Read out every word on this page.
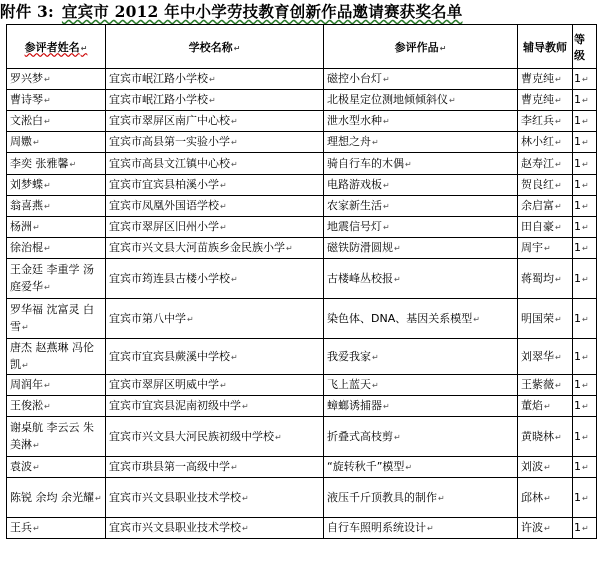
附件 3: 宜宾市 2012 年中小学劳技教育创新作品邀请赛获奖名单
参评者姓名 ↵	学校名称 ↵	参评作品 ↵	辅导教师	等级
罗兴梦 ↵	宜宾市岷江路小学校 ↵	磁控小台灯 ↵	曹克纯 ↵	1 ↵
曹诗琴 ↵	宜宾市岷江路小学校 ↵	北极星定位测地倾倾斜仪 ↵	曹克纯 ↵	1 ↵
文淞白 ↵	宜宾市翠屏区南广中心校 ↵	泄水型水种 ↵	李红兵 ↵	1 ↵
周嫐 ↵	宜宾市高县第一实验小学 ↵	理想之舟 ↵	林小红 ↵	1 ↵
李奕 张雅馨 ↵	宜宾市高县文江镇中心校 ↵	骑自行车的木偶 ↵	赵寿江 ↵	1 ↵
刘梦蝶 ↵	宜宾市宜宾县柏溪小学 ↵	电路游戏板 ↵	贺良红 ↵	1 ↵
翁喜燕 ↵	宜宾市凤凰外国语学校 ↵	农家新生活 ↵	余启富 ↵	1 ↵
杨洲 ↵	宜宾市翠屏区旧州小学 ↵	地震信号灯 ↵	田自豪 ↵	1 ↵
徐治棍 ↵	宜宾市兴文县大河苗族乡金民族小学 ↵	磁铁防滑圆规 ↵	周宇 ↵	1 ↵
王金廷 李重学 汤庭爱华 ↵	宜宾市筠连县古楼小学校 ↵	古楼峰丛校报 ↵	蒋蜀均 ↵	1 ↵
罗华福 沈富灵 白雪 ↵	宜宾市第八中学 ↵	染色体、DNA、基因关系模型 ↵	明国荣 ↵	1 ↵
唐杰 赵燕琳 冯伦凯 ↵	宜宾市宜宾县蕨溪中学校 ↵	我爱我家 ↵	刘翠华 ↵	1 ↵
周润年 ↵	宜宾市翠屏区明威中学 ↵	飞上蓝天 ↵	王紫薇 ↵	1 ↵
王俊淞 ↵	宜宾市宜宾县泥南初级中学 ↵	蟑螂诱捕器 ↵	董焰 ↵	1 ↵
谢桌航 李云云 朱美淋 ↵	宜宾市兴文县大河民族初级中学校 ↵	折叠式高枝剪 ↵	黄晓林 ↵	1 ↵
袁波 ↵	宜宾市珙县第一高级中学 ↵	“旋转秋千”模型 ↵	刘波 ↵	1 ↵
陈锐 余均 余光耀 ↵	宜宾市兴文县职业技术学校 ↵	液压千斤顶教具的制作 ↵	邱林 ↵	1 ↵
王兵 ↵	宜宾市兴文县职业技术学校 ↵	自行车照明系统设计 ↵	许波 ↵	1 ↵
